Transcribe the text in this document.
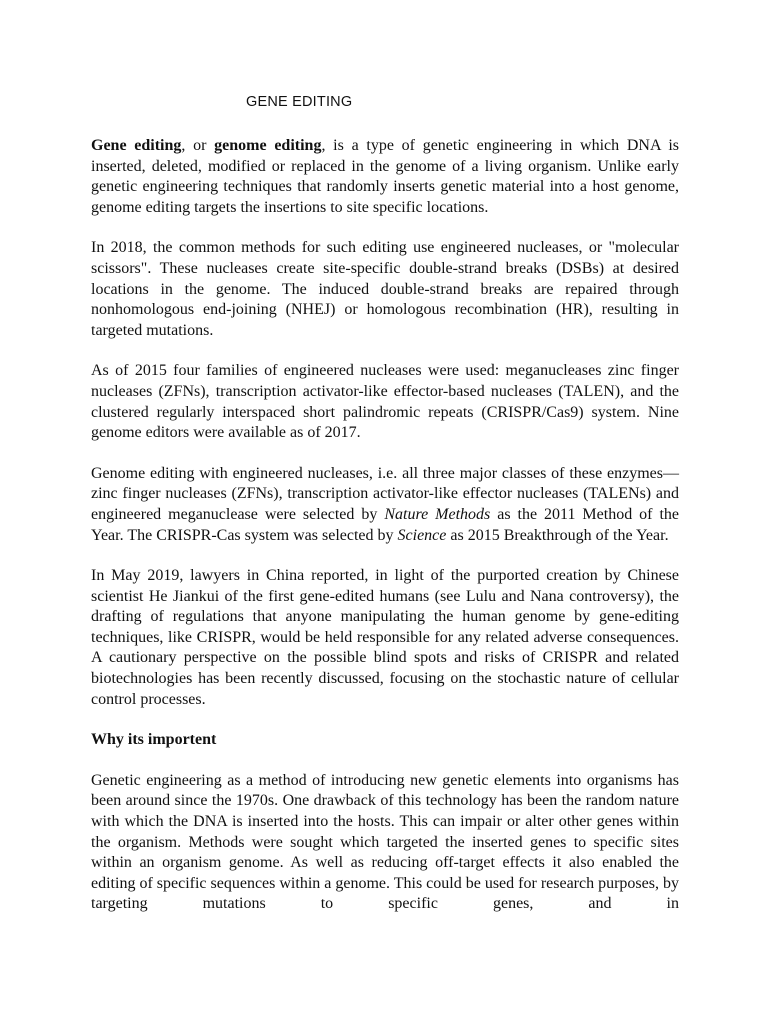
GENE EDITING

Gene editing, or genome editing, is a type of genetic engineering in which DNA is inserted, deleted, modified or replaced in the genome of a living organism. Unlike early genetic engineering techniques that randomly inserts genetic material into a host genome, genome editing targets the insertions to site specific locations.

In 2018, the common methods for such editing use engineered nucleases, or "molecular scissors". These nucleases create site-specific double-strand breaks (DSBs) at desired locations in the genome. The induced double-strand breaks are repaired through nonhomologous end-joining (NHEJ) or homologous recombination (HR), resulting in targeted mutations.

As of 2015 four families of engineered nucleases were used: meganucleases zinc finger nucleases (ZFNs), transcription activator-like effector-based nucleases (TALEN), and the clustered regularly interspaced short palindromic repeats (CRISPR/Cas9) system. Nine genome editors were available as of 2017.

Genome editing with engineered nucleases, i.e. all three major classes of these enzymes—zinc finger nucleases (ZFNs), transcription activator-like effector nucleases (TALENs) and engineered meganuclease were selected by Nature Methods as the 2011 Method of the Year. The CRISPR-Cas system was selected by Science as 2015 Breakthrough of the Year.

In May 2019, lawyers in China reported, in light of the purported creation by Chinese scientist He Jiankui of the first gene-edited humans (see Lulu and Nana controversy), the drafting of regulations that anyone manipulating the human genome by gene-editing techniques, like CRISPR, would be held responsible for any related adverse consequences. A cautionary perspective on the possible blind spots and risks of CRISPR and related biotechnologies has been recently discussed, focusing on the stochastic nature of cellular control processes.

Why its importent

Genetic engineering as a method of introducing new genetic elements into organisms has been around since the 1970s. One drawback of this technology has been the random nature with which the DNA is inserted into the hosts. This can impair or alter other genes within the organism. Methods were sought which targeted the inserted genes to specific sites within an organism genome. As well as reducing off-target effects it also enabled the editing of specific sequences within a genome. This could be used for research purposes, by targeting mutations to specific genes, and in
